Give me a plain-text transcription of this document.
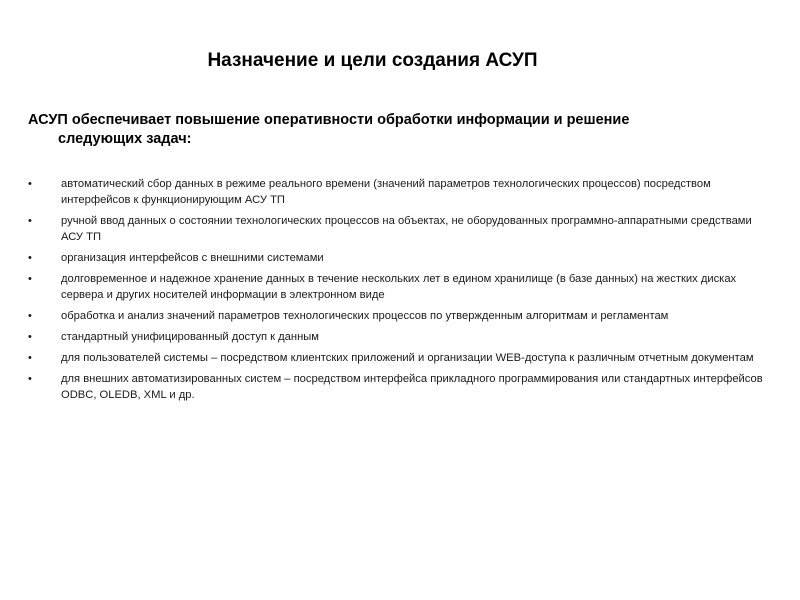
Назначение и цели создания АСУП
АСУП обеспечивает повышение оперативности обработки информации и решение
следующих задач:
•	автоматический сбор данных в режиме реального времени (значений параметров технологических процессов) посредством интерфейсов к функционирующим АСУ ТП
•	ручной ввод данных о состоянии технологических процессов на объектах, не оборудованных программно-аппаратными средствами АСУ ТП
•	организация интерфейсов с внешними системами
•	долговременное и надежное хранение данных в течение нескольких лет в едином хранилище (в базе данных) на жестких дисках сервера и других носителей информации в электронном виде
•	обработка и анализ значений параметров технологических процессов по утвержденным алгоритмам и регламентам
•	стандартный унифицированный доступ к данным
•	для пользователей системы – посредством клиентских приложений и организации WEB-доступа к различным отчетным документам
•	для внешних автоматизированных систем – посредством интерфейса прикладного программирования или стандартных интерфейсов ODBC, OLEDB, XML и др.
